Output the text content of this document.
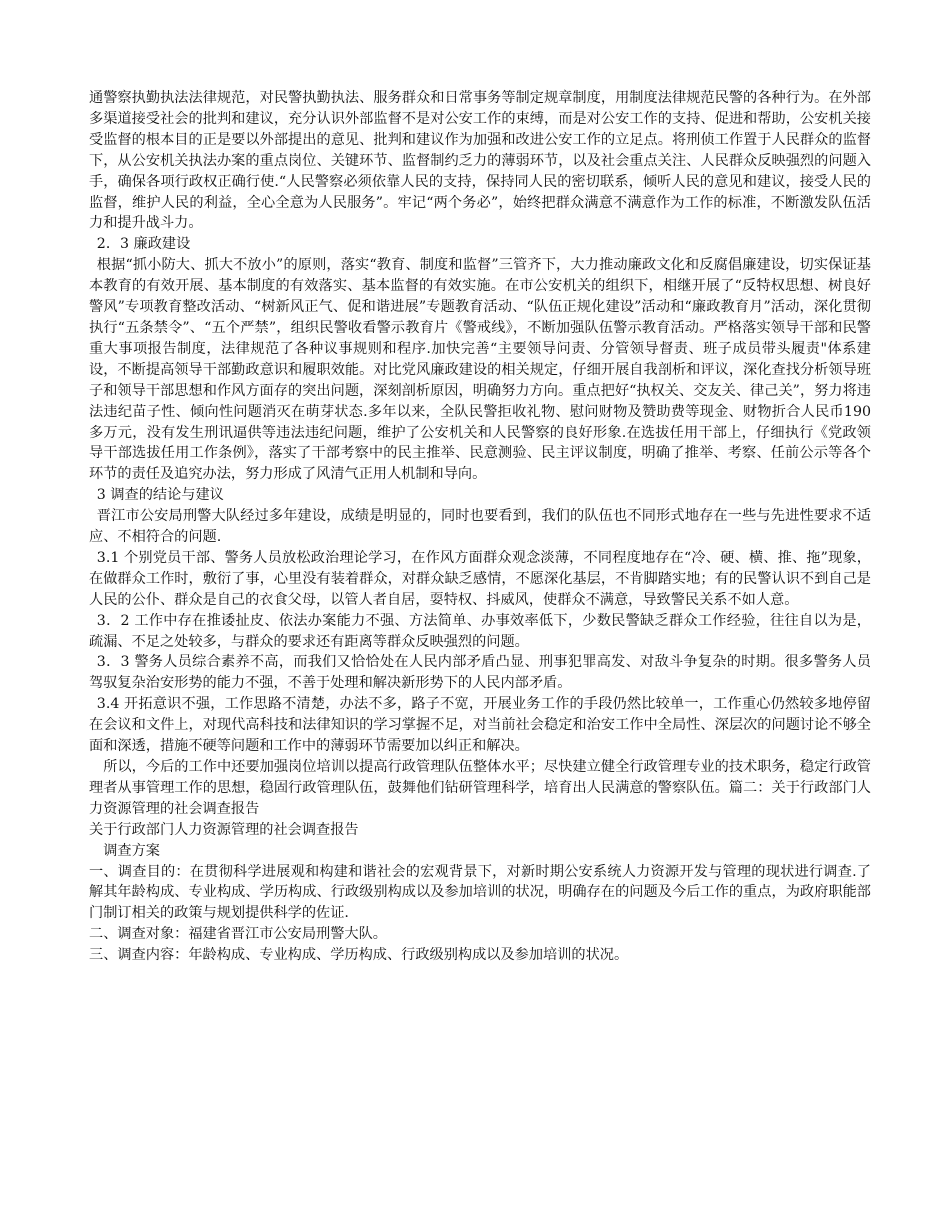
通警察执勤执法法律规范，对民警执勤执法、服务群众和日常事务等制定规章制度，用制度法律规范民警的各种行为。在外部多渠道接受社会的批判和建议，充分认识外部监督不是对公安工作的束缚，而是对公安工作的支持、促进和帮助，公安机关接受监督的根本目的正是要以外部提出的意见、批判和建议作为加强和改进公安工作的立足点。将刑侦工作置于人民群众的监督下，从公安机关执法办案的重点岗位、关键环节、监督制约乏力的薄弱环节，以及社会重点关注、人民群众反映强烈的问题入手，确保各项行政权正确行使.“人民警察必须依靠人民的支持，保持同人民的密切联系，倾听人民的意见和建议，接受人民的监督，维护人民的利益，全心全意为人民服务”。牢记“两个务必”，始终把群众满意不满意作为工作的标准，不断激发队伍活力和提升战斗力。

2．3 廉政建设

根据“抓小防大、抓大不放小”的原则，落实“教育、制度和监督”三管齐下，大力推动廉政文化和反腐倡廉建设，切实保证基本教育的有效开展、基本制度的有效落实、基本监督的有效实施。在市公安机关的组织下，相继开展了“反特权思想、树良好警风”专项教育整改活动、“树新风正气、促和谐进展”专题教育活动、“队伍正规化建设”活动和“廉政教育月”活动，深化贯彻执行“五条禁令”、“五个严禁”，组织民警收看警示教育片《警戒线》，不断加强队伍警示教育活动。严格落实领导干部和民警重大事项报告制度，法律规范了各种议事规则和程序.加快完善“主要领导问责、分管领导督责、班子成员带头履责"体系建设，不断提高领导干部勤政意识和履职效能。对比党风廉政建设的相关规定，仔细开展自我剖析和评议，深化查找分析领导班子和领导干部思想和作风方面存的突出问题，深刻剖析原因，明确努力方向。重点把好“执权关、交友关、律己关”，努力将违法违纪苗子性、倾向性问题消灭在萌芽状态.多年以来，全队民警拒收礼物、慰问财物及赞助费等现金、财物折合人民币190多万元，没有发生刑讯逼供等违法违纪问题，维护了公安机关和人民警察的良好形象.在选拔任用干部上，仔细执行《党政领导干部选拔任用工作条例》，落实了干部考察中的民主推举、民意测验、民主评议制度，明确了推举、考察、任前公示等各个环节的责任及追究办法，努力形成了风清气正用人机制和导向。

3 调查的结论与建议

晋江市公安局刑警大队经过多年建设，成绩是明显的，同时也要看到，我们的队伍也不同形式地存在一些与先进性要求不适应、不相符合的问题.

3.1 个别党员干部、警务人员放松政治理论学习，在作风方面群众观念淡薄，不同程度地存在“冷、硬、横、推、拖”现象，在做群众工作时，敷衍了事，心里没有装着群众，对群众缺乏感情，不愿深化基层，不肯脚踏实地；有的民警认识不到自己是人民的公仆、群众是自己的衣食父母，以管人者自居，耍特权、抖威风，使群众不满意，导致警民关系不如人意。

3．2 工作中存在推诿扯皮、依法办案能力不强、方法简单、办事效率低下，少数民警缺乏群众工作经验，往往自以为是，疏漏、不足之处较多，与群众的要求还有距离等群众反映强烈的问题。

3．3 警务人员综合素养不高，而我们又恰恰处在人民内部矛盾凸显、刑事犯罪高发、对敌斗争复杂的时期。很多警务人员驾驭复杂治安形势的能力不强，不善于处理和解决新形势下的人民内部矛盾。

3.4 开拓意识不强，工作思路不清楚，办法不多，路子不宽，开展业务工作的手段仍然比较单一，工作重心仍然较多地停留在会议和文件上，对现代高科技和法律知识的学习掌握不足，对当前社会稳定和治安工作中全局性、深层次的问题讨论不够全面和深透，措施不硬等问题和工作中的薄弱环节需要加以纠正和解决。

所以，今后的工作中还要加强岗位培训以提高行政管理队伍整体水平；尽快建立健全行政管理专业的技术职务，稳定行政管理者从事管理工作的思想，稳固行政管理队伍，鼓舞他们钻研管理科学，培育出人民满意的警察队伍。篇二：关于行政部门人力资源管理的社会调查报告

关于行政部门人力资源管理的社会调查报告

调查方案

一、调查目的：在贯彻科学进展观和构建和谐社会的宏观背景下，对新时期公安系统人力资源开发与管理的现状进行调查.了解其年龄构成、专业构成、学历构成、行政级别构成以及参加培训的状况，明确存在的问题及今后工作的重点，为政府职能部门制订相关的政策与规划提供科学的佐证.

二、调查对象：福建省晋江市公安局刑警大队。

三、调查内容：年龄构成、专业构成、学历构成、行政级别构成以及参加培训的状况。
